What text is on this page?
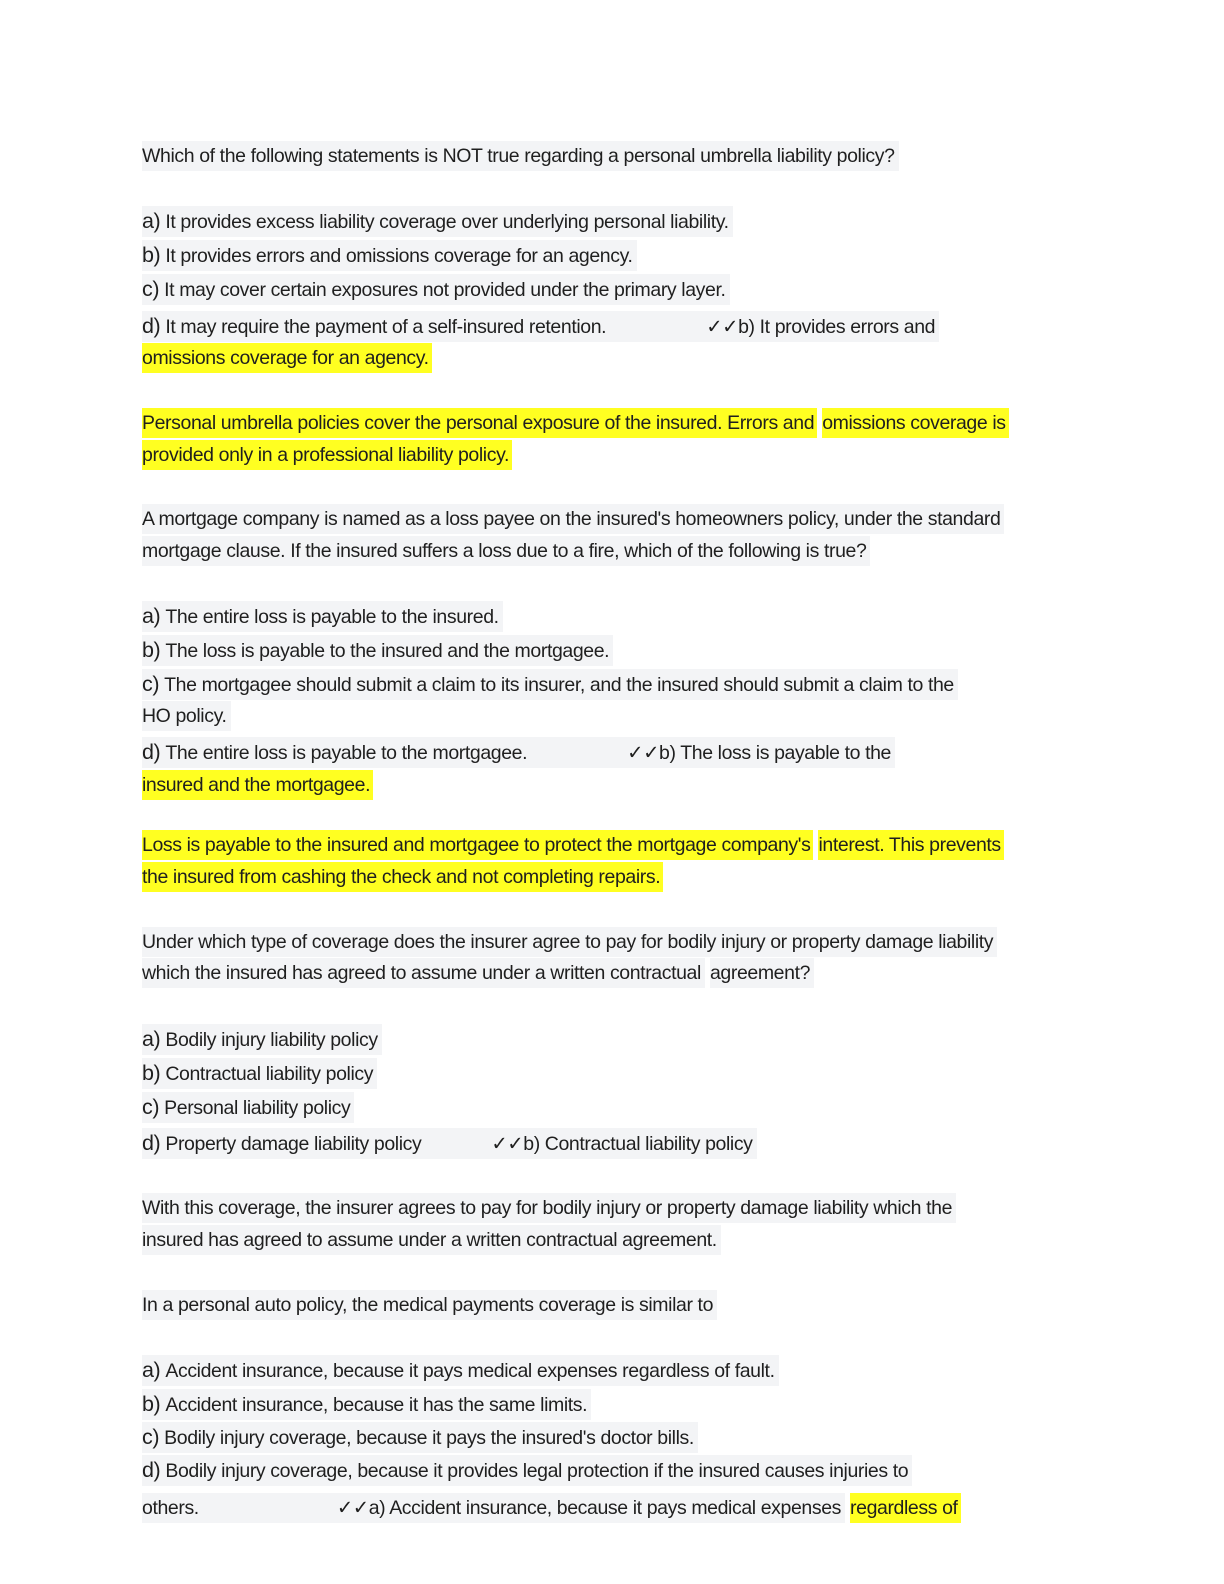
Which of the following statements is NOT true regarding a personal umbrella liability policy?
a) It provides excess liability coverage over underlying personal liability.
b) It provides errors and omissions coverage for an agency.
c) It may cover certain exposures not provided under the primary layer.
d) It may require the payment of a self-insured retention.	✓✓b) It provides errors and
omissions coverage for an agency.
Personal umbrella policies cover the personal exposure of the insured. Errors and omissions coverage is
provided only in a professional liability policy.
A mortgage company is named as a loss payee on the insured's homeowners policy, under the standard
mortgage clause. If the insured suffers a loss due to a fire, which of the following is true?
a) The entire loss is payable to the insured.
b) The loss is payable to the insured and the mortgagee.
c) The mortgagee should submit a claim to its insurer, and the insured should submit a claim to the
HO policy.
d) The entire loss is payable to the mortgagee.	✓✓b) The loss is payable to the
insured and the mortgagee.
Loss is payable to the insured and mortgagee to protect the mortgage company's interest. This prevents
the insured from cashing the check and not completing repairs.
Under which type of coverage does the insurer agree to pay for bodily injury or property damage liability
which the insured has agreed to assume under a written contractual agreement?
a) Bodily injury liability policy
b) Contractual liability policy
c) Personal liability policy
d) Property damage liability policy	✓✓b) Contractual liability policy
With this coverage, the insurer agrees to pay for bodily injury or property damage liability which the
insured has agreed to assume under a written contractual agreement.
In a personal auto policy, the medical payments coverage is similar to
a) Accident insurance, because it pays medical expenses regardless of fault.
b) Accident insurance, because it has the same limits.
c) Bodily injury coverage, because it pays the insured's doctor bills.
d) Bodily injury coverage, because it provides legal protection if the insured causes injuries to
others.	✓✓a) Accident insurance, because it pays medical expenses regardless of
